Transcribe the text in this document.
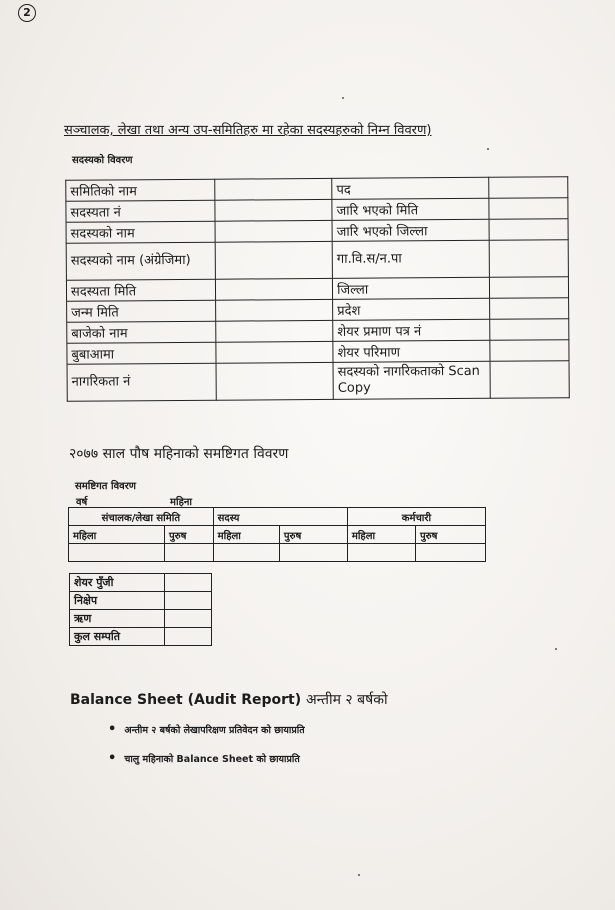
2
सञ्चालक, लेखा तथा अन्य उप-समितिहरु मा रहेका सदस्यहरुको निम्न विवरण)
सदस्यको विवरण
समितिको नाम		पद	
सदस्यता नं		जारि भएको मिति	
सदस्यको नाम		जारि भएको जिल्ला	
सदस्यको नाम (अंग्रेजिमा)		गा.वि.स/न.पा	
सदस्यता मिति		जिल्ला	
जन्म मिति		प्रदेश	
बाजेको नाम		शेयर प्रमाण पत्र नं	
बुबाआमा		शेयर परिमाण	
नागरिकता नं		सदस्यको नागरिकताको Scan Copy	
२०७७ साल पौष महिनाको समष्टिगत विवरण
समष्टिगत विवरण
वर्ष	महिना
संचालक/लेखा समिति		सदस्य		कर्मचारी	
महिला	पुरुष	महिला	पुरुष	महिला	पुरुष

शेयर पुँजी	
निक्षेप	
ऋण	
कुल सम्पति	
Balance Sheet (Audit Report) अन्तीम २ बर्षको
• अन्तीम २ बर्षको लेखापरिक्षण प्रतिवेदन को छायाप्रति
• चालु महिनाको Balance Sheet को छायाप्रति
